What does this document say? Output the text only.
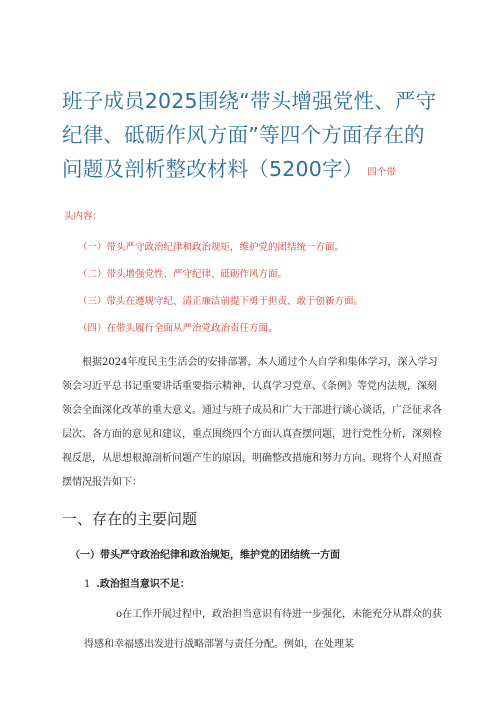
班子成员2025围绕“带头增强党性、严守纪律、砥砺作风方面”等四个方面存在的问题及剖析整改材料（5200字） 四个带
头内容：
（一）带头严守政治纪律和政治规矩，维护党的团结统一方面。
（二）带头增强党性、严守纪律、砥砺作风方面。
（三）带头在遵规守纪、清正廉洁前提下勇于担责、敢于创新方面。
（四）在带头履行全面从严治党政治责任方面。

根据2024年度民主生活会的安排部署，本人通过个人自学和集体学习，深入学习领会习近平总书记重要讲话重要指示精神，认真学习党章、《条例》等党内法规，深刻领会全面深化改革的重大意义。通过与班子成员和广大干部进行谈心谈话，广泛征求各层次、各方面的意见和建议，重点围绕四个方面认真查摆问题，进行党性分析，深刻检视反思，从思想根源剖析问题产生的原因，明确整改措施和努力方向。现将个人对照查摆情况报告如下：

一、存在的主要问题
（一）带头严守政治纪律和政治规矩，维护党的团结统一方面
1 .政治担当意识不足：

o在工作开展过程中，政治担当意识有待进一步强化，未能充分从群众的获得感和幸福感出发进行战略部署与责任分配。例如，在处理某
